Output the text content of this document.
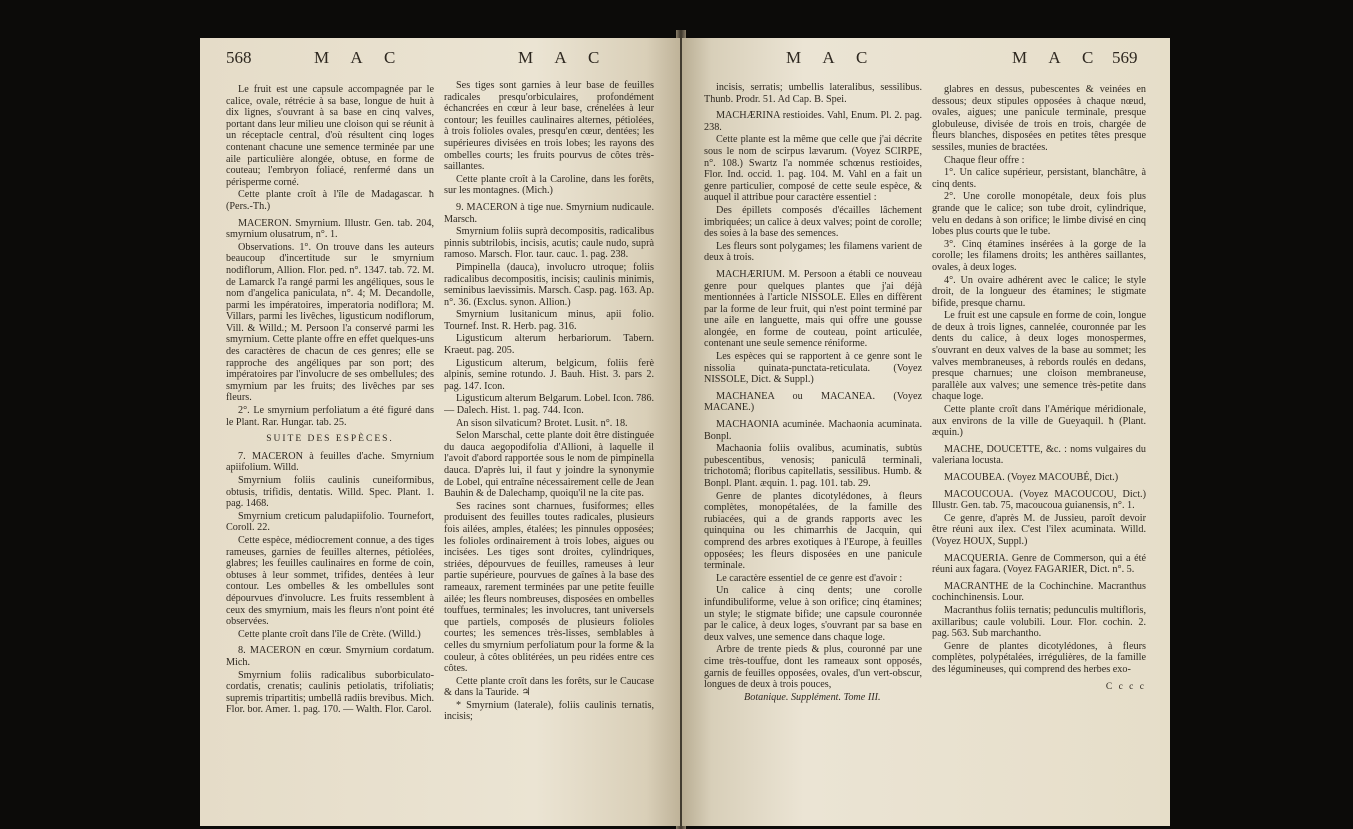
568	M A C	M A C

Le fruit est une capsule accompagnée par le calice, ovale, rétrécie à sa base, longue de huit à dix lignes, s'ouvrant à sa base en cinq valves, portant dans leur milieu une cloison qui se réunit à un réceptacle central, d'où résultent cinq loges contenant chacune une semence terminée par une aile particulière alongée, obtuse, en forme de couteau; l'embryon foliacé, renfermé dans un périsperme corné.

Cette plante croît à l'île de Madagascar. ħ (Pers.-Th.)

MACERON. Smyrnium. Illustr. Gen. tab. 204, smyrnium olusatrum, n°. 1.

Observations. 1°. On trouve dans les auteurs beaucoup d'incertitude sur le smyrnium nodiflorum, Allion. Flor. ped. n°. 1347. tab. 72. M. de Lamarck l'a rangé parmi les angéliques, sous le nom d'angelica paniculata, n°. 4; M. Decandolle, parmi les impératoires, imperatoria nodiflora; M. Villars, parmi les livêches, ligusticum nodiflorum, Vill. & Willd.; M. Persoon l'a conservé parmi les smyrnium. Cette plante offre en effet quelques-uns des caractères de chacun de ces genres; elle se rapproche des angéliques par son port; des impératoires par l'involucre de ses ombellules; des smyrnium par les fruits; des livêches par ses fleurs.

2°. Le smyrnium perfoliatum a été figuré dans le Plant. Rar. Hungar. tab. 25.

SUITE DES ESPÈCES.

7. MACERON à feuilles d'ache. Smyrnium apiifolium. Willd.

Smyrnium foliis caulinis cuneiformibus, obtusis, trifidis, dentatis. Willd. Spec. Plant. 1. pag. 1468.

Smyrnium creticum paludapiifolio. Tournefort, Coroll. 22.

Cette espèce, médiocrement connue, a des tiges rameuses, garnies de feuilles alternes, pétiolées, glabres; les feuilles caulinaires en forme de coin, obtuses à leur sommet, trifides, dentées à leur contour. Les ombelles & les ombellules sont dépourvues d'involucre. Les fruits ressemblent à ceux des smyrnium, mais les fleurs n'ont point été observées.

Cette plante croît dans l'île de Crète. (Willd.)

8. MACERON en cœur. Smyrnium cordatum. Mich.

Smyrnium foliis radicalibus suborbiculato-cordatis, crenatis; caulinis petiolatis, trifoliatis; supremis tripartitis; umbellâ radiis brevibus. Mich. Flor. bor. Amer. 1. pag. 170. — Walth. Flor. Carol.

Ses tiges sont garnies à leur base de feuilles radicales presqu'orbiculaires, profondément échancrées en cœur à leur base, crénelées à leur contour; les feuilles caulinaires alternes, pétiolées, à trois folioles ovales, presqu'en cœur, dentées; les supérieures divisées en trois lobes; les rayons des ombelles courts; les fruits pourvus de côtes très-saillantes.

Cette plante croît à la Caroline, dans les forêts, sur les montagnes. (Mich.)

9. MACERON à tige nue. Smyrnium nudicaule. Marsch.

Smyrnium foliis suprà decompositis, radicalibus pinnis subtrilobis, incisis, acutis; caule nudo, suprà ramoso. Marsch. Flor. taur. cauc. 1. pag. 238.

Pimpinella (dauca), involucro utroque; foliis radicalibus decompositis, incisis; caulinis minimis, seminibus laevissimis. Marsch. Casp. pag. 163. Ap. n°. 36. (Exclus. synon. Allion.)

Smyrnium lusitanicum minus, apii folio. Tournef. Inst. R. Herb. pag. 316.

Ligusticum alterum herbariorum. Tabern. Kraeut. pag. 205.

Ligusticum alterum, belgicum, foliis ferè alpinis, semine rotundo. J. Bauh. Hist. 3. pars 2. pag. 147. Icon.

Ligusticum alterum Belgarum. Lobel. Icon. 786. — Dalech. Hist. 1. pag. 744. Icon.

An sison silvaticum? Brotet. Lusit. n°. 18.

Selon Marschal, cette plante doit être distinguée du dauca aegopodifolia d'Allioni, à laquelle il l'avoit d'abord rapportée sous le nom de pimpinella dauca. D'après lui, il faut y joindre la synonymie de Lobel, qui entraîne nécessairement celle de Jean Bauhin & de Dalechamp, quoiqu'il ne la cite pas.

Ses racines sont charnues, fusiformes; elles produisent des feuilles toutes radicales, plusieurs fois ailées, amples, étalées; les pinnules opposées; les folioles ordinairement à trois lobes, aigues ou incisées. Les tiges sont droites, cylindriques, striées, dépourvues de feuilles, rameuses à leur partie supérieure, pourvues de gaînes à la base des rameaux, rarement terminées par une petite feuille ailée; les fleurs nombreuses, disposées en ombelles touffues, terminales; les involucres, tant universels que partiels, composés de plusieurs folioles courtes; les semences très-lisses, semblables à celles du smyrnium perfoliatum pour la forme & la couleur, à côtes oblitérées, un peu ridées entre ces côtes.

Cette plante croît dans les forêts, sur le Caucase & dans la Tauride. ♃

* Smyrnium (laterale), foliis caulinis ternatis, incisis;

M A C	M A C 569

incisis, serratis; umbellis lateralibus, sessilibus. Thunb. Prodr. 51. Ad Cap. B. Spei.

MACHÆRINA restioides. Vahl, Enum. Pl. 2. pag. 238.

Cette plante est la même que celle que j'ai décrite sous le nom de scirpus lævarum. (Voyez SCIRPE, n°. 108.) Swartz l'a nommée schœnus restioides, Flor. Ind. occid. 1. pag. 104. M. Vahl en a fait un genre particulier, composé de cette seule espèce, & auquel il attribue pour caractère essentiel :

Des épillets composés d'écailles lâchement imbriquées; un calice à deux valves; point de corolle; des soies à la base des semences.

Les fleurs sont polygames; les filamens varient de deux à trois.

MACHÆRIUM. M. Persoon a établi ce nouveau genre pour quelques plantes que j'ai déjà mentionnées à l'article NISSOLE. Elles en diffèrent par la forme de leur fruit, qui n'est point terminé par une aile en languette, mais qui offre une gousse alongée, en forme de couteau, point articulée, contenant une seule semence réniforme.

Les espèces qui se rapportent à ce genre sont le nissolia quinata-punctata-reticulata. (Voyez NISSOLE, Dict. & Suppl.)

MACHANEA ou MACANEA. (Voyez MACANE.)

MACHAONIA acuminée. Machaonia acuminata. Bonpl.

Machaonia foliis ovalibus, acuminatis, subtùs pubescentibus, venosis; paniculâ terminali, trichotomâ; floribus capitellatis, sessilibus. Humb. & Bonpl. Plant. æquin. 1. pag. 101. tab. 29.

Genre de plantes dicotylédones, à fleurs complètes, monopétalées, de la famille des rubiacées, qui a de grands rapports avec les quinquina ou les chimarrhis de Jacquin, qui comprend des arbres exotiques à l'Europe, à feuilles opposées; les fleurs disposées en une panicule terminale.

Le caractère essentiel de ce genre est d'avoir :

Un calice à cinq dents; une corolle infundibuliforme, velue à son orifice; cinq étamines; un style; le stigmate bifide; une capsule couronnée par le calice, à deux loges, s'ouvrant par sa base en deux valves, une semence dans chaque loge.

Arbre de trente pieds & plus, couronné par une cime très-touffue, dont les rameaux sont opposés, garnis de feuilles opposées, ovales, d'un vert-obscur, longues de deux à trois pouces,

Botanique. Supplément. Tome III.

glabres en dessus, pubescentes & veinées en dessous; deux stipules opposées à chaque nœud, ovales, aigues; une panicule terminale, presque globuleuse, divisée de trois en trois, chargée de fleurs blanches, disposées en petites têtes presque sessiles, munies de bractées.

Chaque fleur offre :

1°. Un calice supérieur, persistant, blanchâtre, à cinq dents.

2°. Une corolle monopétale, deux fois plus grande que le calice; son tube droit, cylindrique, velu en dedans à son orifice; le limbe divisé en cinq lobes plus courts que le tube.

3°. Cinq étamines insérées à la gorge de la corolle; les filamens droits; les anthères saillantes, ovales, à deux loges.

4°. Un ovaire adhérent avec le calice; le style droit, de la longueur des étamines; le stigmate bifide, presque charnu.

Le fruit est une capsule en forme de coin, longue de deux à trois lignes, cannelée, couronnée par les dents du calice, à deux loges monospermes, s'ouvrant en deux valves de la base au sommet; les valves membraneuses, à rebords roulés en dedans, presque charnues; une cloison membraneuse, parallèle aux valves; une semence très-petite dans chaque loge.

Cette plante croît dans l'Amérique méridionale, aux environs de la ville de Gueyaquil. ħ (Plant. æquin.)

MACHE, DOUCETTE, &c. : noms vulgaires du valeriana locusta.

MACOUBEA. (Voyez MACOUBÉ, Dict.)

MACOUCOUA. (Voyez MACOUCOU, Dict.) Illustr. Gen. tab. 75, macoucoua guianensis, n°. 1.

Ce genre, d'après M. de Jussieu, paroît devoir être réuni aux ilex. C'est l'ilex acuminata. Willd. (Voyez HOUX, Suppl.)

MACQUERIA. Genre de Commerson, qui a été réuni aux fagara. (Voyez FAGARIER, Dict. n°. 5.

MACRANTHE de la Cochinchine. Macranthus cochinchinensis. Lour.

Macranthus foliis ternatis; pedunculis multifloris, axillaribus; caule volubili. Lour. Flor. cochin. 2. pag. 563. Sub marchantho.

Genre de plantes dicotylédones, à fleurs complètes, polypétalées, irrégulières, de la famille des légumineuses, qui comprend des herbes exo-

C c c c
